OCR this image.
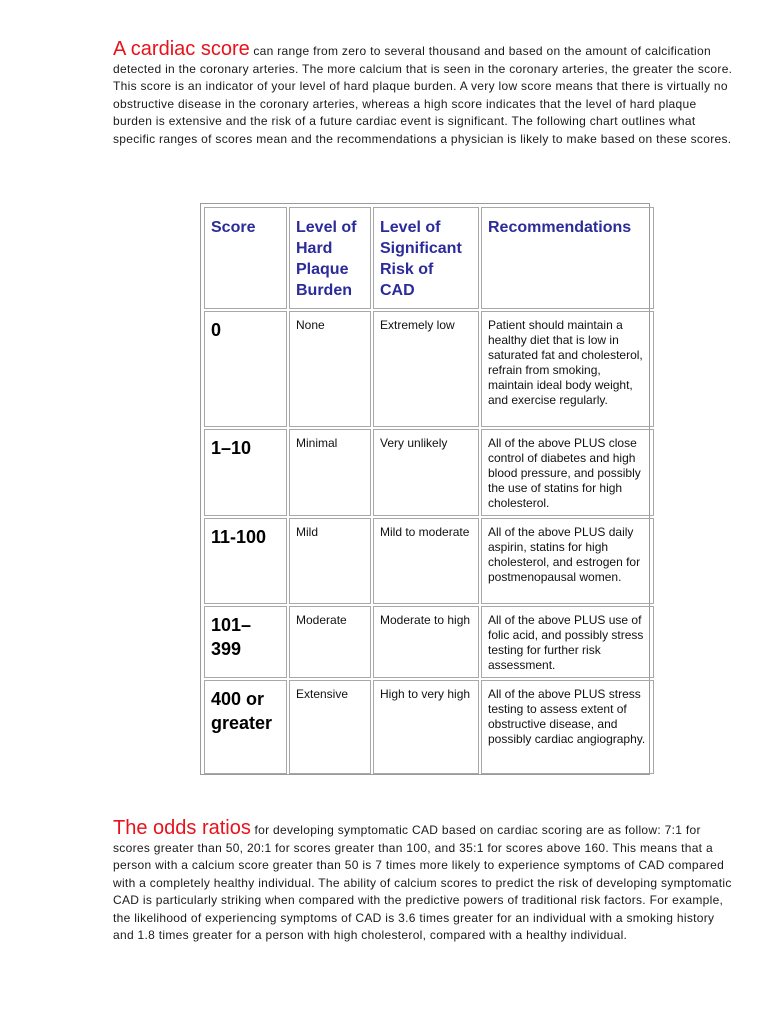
A cardiac score can range from zero to several thousand and based on the amount of calcification detected in the coronary arteries. The more calcium that is seen in the coronary arteries, the greater the score. This score is an indicator of your level of hard plaque burden. A very low score means that there is virtually no obstructive disease in the coronary arteries, whereas a high score indicates that the level of hard plaque burden is extensive and the risk of a future cardiac event is significant. The following chart outlines what specific ranges of scores mean and the recommendations a physician is likely to make based on these scores.

Score	Level of Hard Plaque Burden	Level of Significant Risk of CAD	Recommendations
0	None	Extremely low	Patient should maintain a healthy diet that is low in saturated fat and cholesterol, refrain from smoking, maintain ideal body weight, and exercise regularly.
1–10	Minimal	Very unlikely	All of the above PLUS close control of diabetes and high blood pressure, and possibly the use of statins for high cholesterol.
11-100	Mild	Mild to moderate	All of the above PLUS daily aspirin, statins for high cholesterol, and estrogen for postmenopausal women.
101–399	Moderate	Moderate to high	All of the above PLUS use of folic acid, and possibly stress testing for further risk assessment.
400 or greater	Extensive	High to very high	All of the above PLUS stress testing to assess extent of obstructive disease, and possibly cardiac angiography.

The odds ratios for developing symptomatic CAD based on cardiac scoring are as follow: 7:1 for scores greater than 50, 20:1 for scores greater than 100, and 35:1 for scores above 160. This means that a person with a calcium score greater than 50 is 7 times more likely to experience symptoms of CAD compared with a completely healthy individual. The ability of calcium scores to predict the risk of developing symptomatic CAD is particularly striking when compared with the predictive powers of traditional risk factors. For example, the likelihood of experiencing symptoms of CAD is 3.6 times greater for an individual with a smoking history and 1.8 times greater for a person with high cholesterol, compared with a healthy individual.
